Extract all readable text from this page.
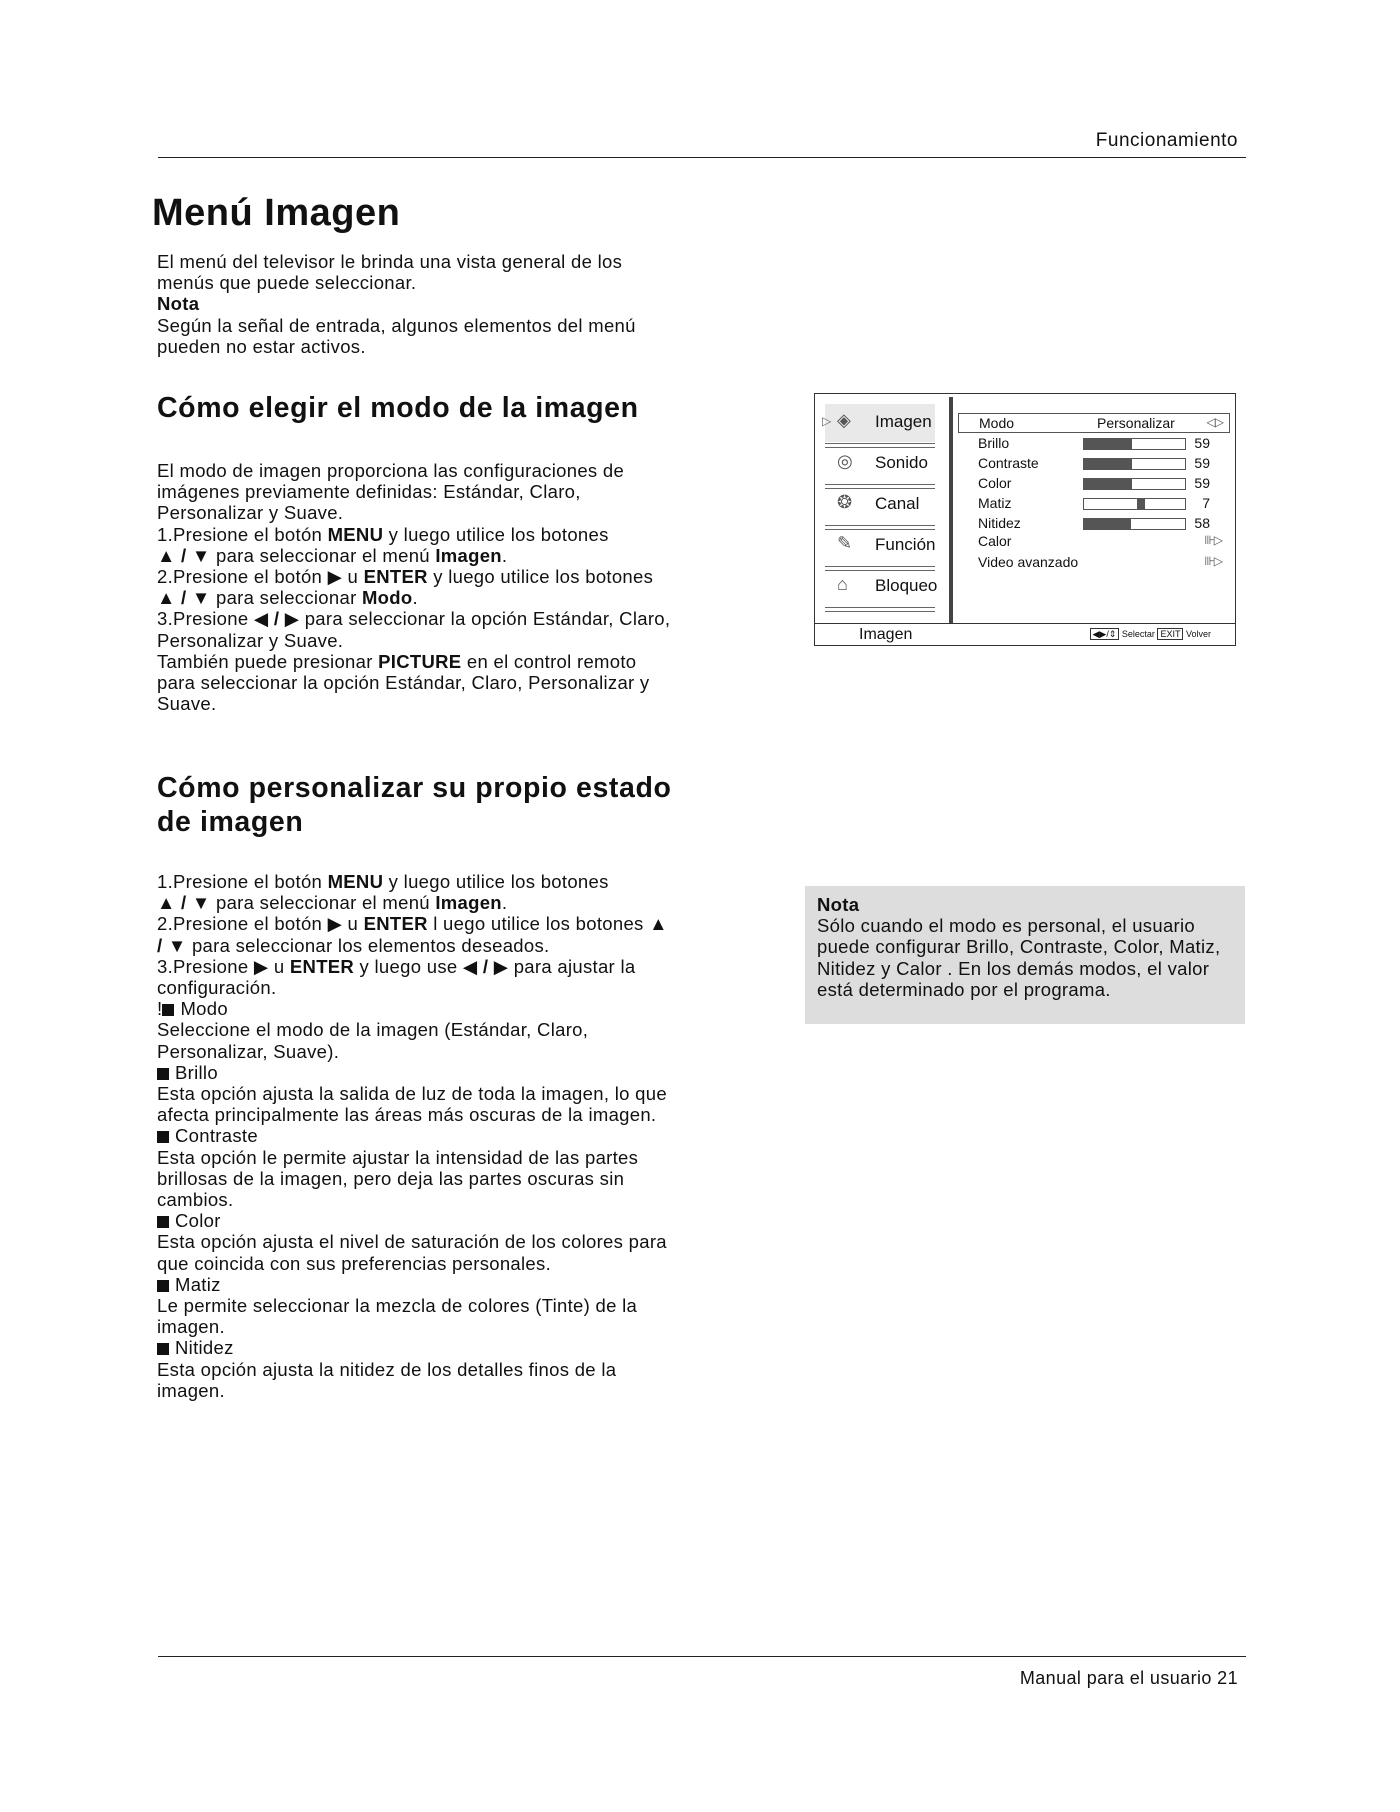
Funcionamiento
Menú Imagen

El menú del televisor le brinda una vista general de los menús que puede seleccionar.

Nota

Según la señal de entrada, algunos elementos del menú pueden no estar activos.

Cómo elegir el modo de la imagen

El modo de imagen proporciona las configuraciones de imágenes previamente definidas: Estándar, Claro, Personalizar y Suave.

1.Presione el botón MENU y luego utilice los botones
▲ / ▼ para seleccionar el menú Imagen.

2.Presione el botón ▶ u ENTER y luego utilice los botones ▲ / ▼ para seleccionar Modo.

3.Presione ◀ / ▶ para seleccionar la opción Estándar, Claro, Personalizar y Suave.

También puede presionar PICTURE en el control remoto para seleccionar la opción Estándar, Claro, Personalizar y Suave.

Cómo personalizar su propio estado de imagen

1.Presione el botón MENU y luego utilice los botones
▲ / ▼ para seleccionar el menú Imagen.

2.Presione el botón ▶ u ENTER l uego utilice los botones ▲ / ▼ para seleccionar los elementos deseados.

3.Presione ▶ u ENTER y luego use ◀ / ▶ para ajustar la configuración.

! Modo

Seleccione el modo de la imagen (Estándar, Claro, Personalizar, Suave).

Brillo

Esta opción ajusta la salida de luz de toda la imagen, lo que afecta principalmente las áreas más oscuras de la imagen.

Contraste

Esta opción le permite ajustar la intensidad de las partes brillosas de la imagen, pero deja las partes oscuras sin cambios.

Color

Esta opción ajusta el nivel de saturación de los colores para que coincida con sus preferencias personales.

Matiz

Le permite seleccionar la mezcla de colores (Tinte) de la imagen.

Nitidez

Esta opción ajusta la nitidez de los detalles finos de la imagen.

▷ ◈ Imagen
◎ Sonido
❂ Canal
✎ Función
⌂ Bloqueo
Modo	Personalizar	◁▷
Brillo	59
Contraste	59
Color	59
Matiz	7
Nitidez	58
Calor	⊪▷
Video avanzado	⊪▷
Imagen	◀▶/⇕ Selectar EXIT Volver

Nota

Sólo cuando el modo es personal, el usuario puede configurar Brillo, Contraste, Color, Matiz, Nitidez y Calor . En los demás modos, el valor está determinado por el programa.

Manual para el usuario 21
